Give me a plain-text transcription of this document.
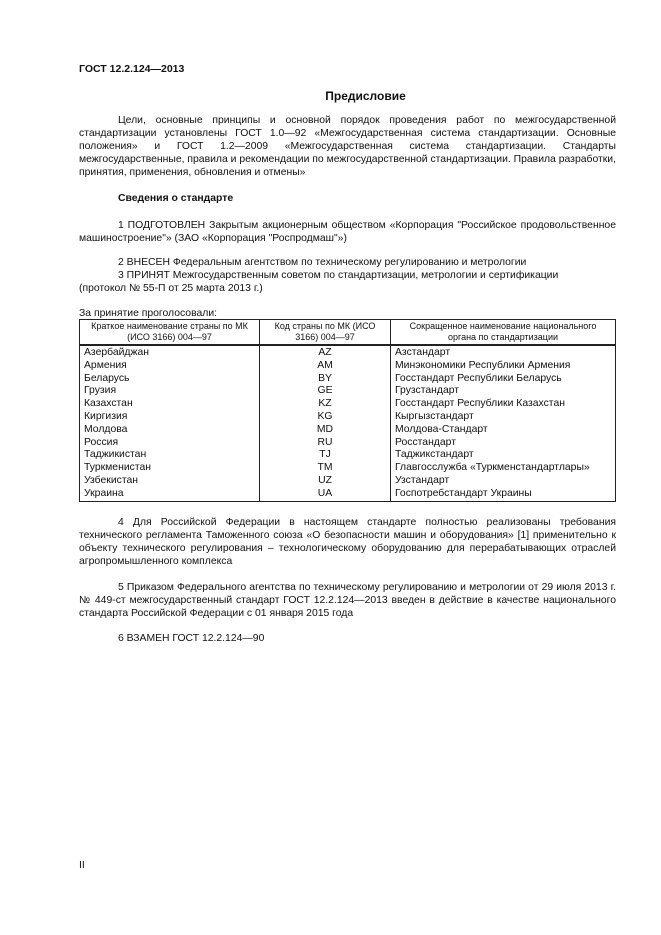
ГОСТ 12.2.124—2013
Предисловие
Цели, основные принципы и основной порядок проведения работ по межгосударственной стандартизации установлены ГОСТ 1.0—92 «Межгосударственная система стандартизации. Основные положения» и ГОСТ 1.2—2009 «Межгосударственная система стандартизации. Стандарты межгосударственные, правила и рекомендации по межгосударственной стандартизации. Правила разработки, принятия, применения, обновления и отмены»
Сведения о стандарте
1 ПОДГОТОВЛЕН Закрытым акционерным обществом «Корпорация "Российское продовольственное машиностроение"» (ЗАО «Корпорация "Роспродмаш"»)
2 ВНЕСЕН Федеральным агентством по техническому регулированию и метрологии
3 ПРИНЯТ Межгосударственным советом по стандартизации, метрологии и сертификации
(протокол № 55-П от 25 марта 2013 г.)
За принятие проголосовали:
Краткое наименование страны по МК (ИСО 3166) 004—97	Код страны по МК (ИСО 3166) 004—97	Сокращенное наименование национального органа по стандартизации
Азербайджан	AZ	Азстандарт
Армения	AM	Минэкономики Республики Армения
Беларусь	BY	Госстандарт Республики Беларусь
Грузия	GE	Грузстандарт
Казахстан	KZ	Госстандарт Республики Казахстан
Киргизия	KG	Кыргызстандарт
Молдова	MD	Молдова-Стандарт
Россия	RU	Росстандарт
Таджикистан	TJ	Таджикстандарт
Туркменистан	TM	Главгосслужба «Туркменстандартлары»
Узбекистан	UZ	Узстандарт
Украина	UA	Госпотребстандарт Украины
4 Для Российской Федерации в настоящем стандарте полностью реализованы требования технического регламента Таможенного союза «О безопасности машин и оборудования» [1] применительно к объекту технического регулирования – технологическому оборудованию для перерабатывающих отраслей агропромышленного комплекса
5 Приказом Федерального агентства по техническому регулированию и метрологии от 29 июля 2013 г. № 449-ст межгосударственный стандарт ГОСТ 12.2.124—2013 введен в действие в качестве национального стандарта Российской Федерации с 01 января 2015 года
6 ВЗАМЕН ГОСТ 12.2.124—90
II
